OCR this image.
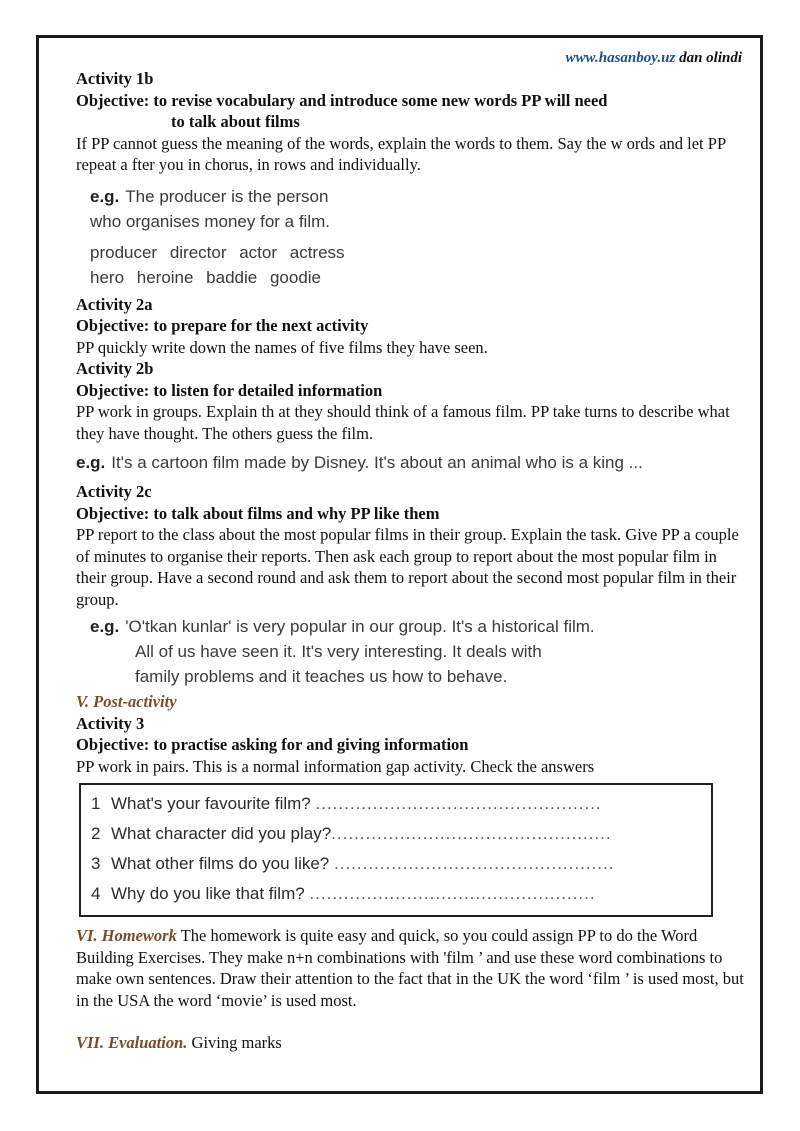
www.hasanboy.uz dan olindi

Activity 1b

Objective: to revise vocabulary and introduce some new words PP will need

to talk about films

If PP cannot guess the meaning of the words, explain the words to them. Say the w ords and let PP repeat a fter you in chorus, in rows and individually.

e.g. The producer is the person
who organises money for a film.
producer director actor actress
hero heroine baddie goodie

Activity 2a

Objective: to prepare for the next activity

PP quickly write down the names of five films they have seen.

Activity 2b

Objective: to listen for detailed information

PP work in groups. Explain th at they should think of a famous film. PP take turns to describe what they have thought. The others guess the film.

e.g. It's a cartoon film made by Disney. It's about an animal who is a king ...

Activity 2c

Objective: to talk about films and why PP like them

PP report to the class about the most popular films in their group. Explain the task. Give PP a couple of minutes to organise their reports. Then ask each group to report about the most popular film in their group. Have a second round and ask them to report about the second most popular film in their group.

e.g. 'O'tkan kunlar' is very popular in our group. It's a historical film.
All of us have seen it. It's very interesting. It deals with
family problems and it teaches us how to behave.

V. Post-activity

Activity 3

Objective: to practise asking for and giving information

PP work in pairs. This is a normal information gap activity. Check the answers

1 What's your favourite film? ..................................................
2 What character did you play?.................................................
3 What other films do you like? .................................................
4 Why do you like that film? ..................................................

VI. Homework The homework is quite easy and quick, so you could assign PP to do the Word Building Exercises. They make n+n combinations with 'film ’ and use these word combinations to make own sentences. Draw their attention to the fact that in the UK the word ‘film ’ is used most, but in the USA the word ‘movie’ is used most.

VII. Evaluation. Giving marks
